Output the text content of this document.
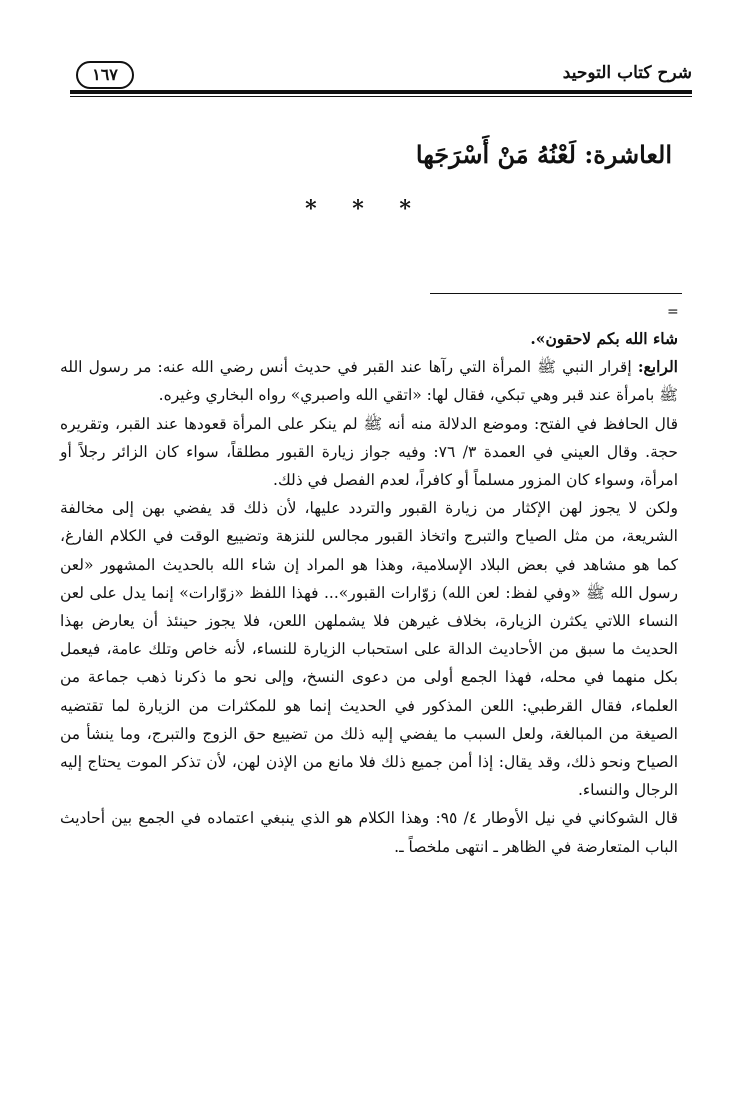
شرح كتاب التوحيد
١٦٧
العاشرة: لَعْنُهُ مَنْ أَسْرَجَها
* * *
=

شاء الله بكم لاحقون».

الرابع: إقرار النبي ﷺ المرأة التي رآها عند القبر في حديث أنس رضي الله عنه: مر رسول الله ﷺ بامرأة عند قبر وهي تبكي، فقال لها: «اتقي الله واصبري» رواه البخاري وغيره.

قال الحافظ في الفتح: وموضع الدلالة منه أنه ﷺ لم ينكر على المرأة قعودها عند القبر، وتقريره حجة. وقال العيني في العمدة ٣/ ٧٦: وفيه جواز زيارة القبور مطلقاً، سواء كان الزائر رجلاً أو امرأة، وسواء كان المزور مسلماً أو كافراً، لعدم الفصل في ذلك.

ولكن لا يجوز لهن الإكثار من زيارة القبور والتردد عليها، لأن ذلك قد يفضي بهن إلى مخالفة الشريعة، من مثل الصياح والتبرج واتخاذ القبور مجالس للنزهة وتضييع الوقت في الكلام الفارغ، كما هو مشاهد في بعض البلاد الإسلامية، وهذا هو المراد إن شاء الله بالحديث المشهور «لعن رسول الله ﷺ «وفي لفظ: لعن الله) زوّارات القبور»... فهذا اللفظ «زوّارات» إنما يدل على لعن النساء اللاتي يكثرن الزيارة، بخلاف غيرهن فلا يشملهن اللعن، فلا يجوز حينئذ أن يعارض بهذا الحديث ما سبق من الأحاديث الدالة على استحباب الزيارة للنساء، لأنه خاص وتلك عامة، فيعمل بكل منهما في محله، فهذا الجمع أولى من دعوى النسخ، وإلى نحو ما ذكرنا ذهب جماعة من العلماء، فقال القرطبي: اللعن المذكور في الحديث إنما هو للمكثرات من الزيارة لما تقتضيه الصيغة من المبالغة، ولعل السبب ما يفضي إليه ذلك من تضييع حق الزوج والتبرج، وما ينشأ من الصياح ونحو ذلك، وقد يقال: إذا أمن جميع ذلك فلا مانع من الإذن لهن، لأن تذكر الموت يحتاج إليه الرجال والنساء.

قال الشوكاني في نيل الأوطار ٤/ ٩٥: وهذا الكلام هو الذي ينبغي اعتماده في الجمع بين أحاديث الباب المتعارضة في الظاهر ـ انتهى ملخصاً ـ.
